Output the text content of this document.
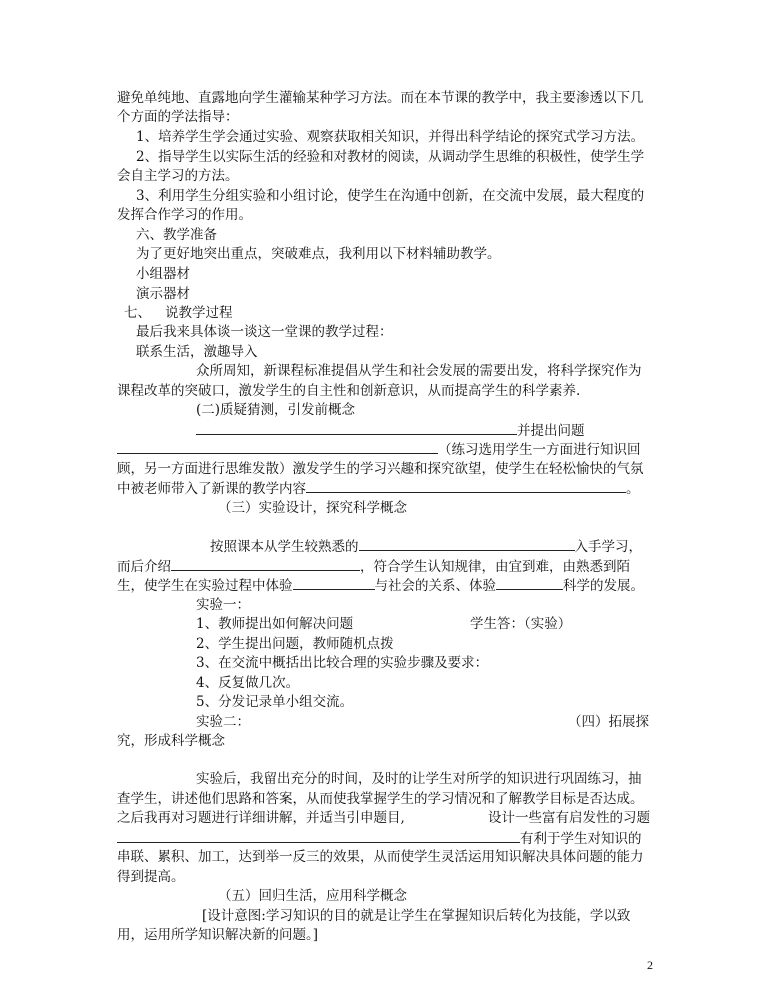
避免单纯地、直露地向学生灌输某种学习方法。而在本节课的教学中，我主要渗透以下几
个方面的学法指导：
1、培养学生学会通过实验、观察获取相关知识，并得出科学结论的探究式学习方法。
2、指导学生以实际生活的经验和对教材的阅读，从调动学生思维的积极性，使学生学
会自主学习的方法。
3、利用学生分组实验和小组讨论，使学生在沟通中创新，在交流中发展，最大程度的
发挥合作学习的作用。
六、教学准备
为了更好地突出重点，突破难点，我利用以下材料辅助教学。
小组器材
演示器材
七、 说教学过程
最后我来具体谈一谈这一堂课的教学过程：
联系生活，激趣导入
众所周知，新课程标准提倡从学生和社会发展的需要出发，将科学探究作为
课程改革的突破口，激发学生的自主性和创新意识，从而提高学生的科学素养.
(二)质疑猜测，引发前概念
并提出问题
（练习选用学生一方面进行知识回
顾，另一方面进行思维发散）激发学生的学习兴趣和探究欲望，使学生在轻松愉快的气氛
中被老师带入了新课的教学内容	。
（三）实验设计，探究科学概念
按照课本从学生较熟悉的	入手学习，
而后介绍	，符合学生认知规律，由宜到难，由熟悉到陌
生，使学生在实验过程中体验	与社会的关系、体验	科学的发展。
实验一：
1、教师提出如何解决问题	学生答：（实验）
2、学生提出问题，教师随机点拨
3、在交流中概括出比较合理的实验步骤及要求：
4、反复做几次。
5、分发记录单小组交流。
实验二：	（四）拓展探
究，形成科学概念
实验后，我留出充分的时间，及时的让学生对所学的知识进行巩固练习，抽
查学生，讲述他们思路和答案，从而使我掌握学生的学习情况和了解教学目标是否达成。
之后我再对习题进行详细讲解，并适当引申题目,	设计一些富有启发性的习题
有利于学生对知识的
串联、累积、加工，达到举一反三的效果，从而使学生灵活运用知识解决具体问题的能力
得到提高。
（五）回归生活，应用科学概念
[设计意图:学习知识的目的就是让学生在掌握知识后转化为技能，学以致
用，运用所学知识解决新的问题。]
2
